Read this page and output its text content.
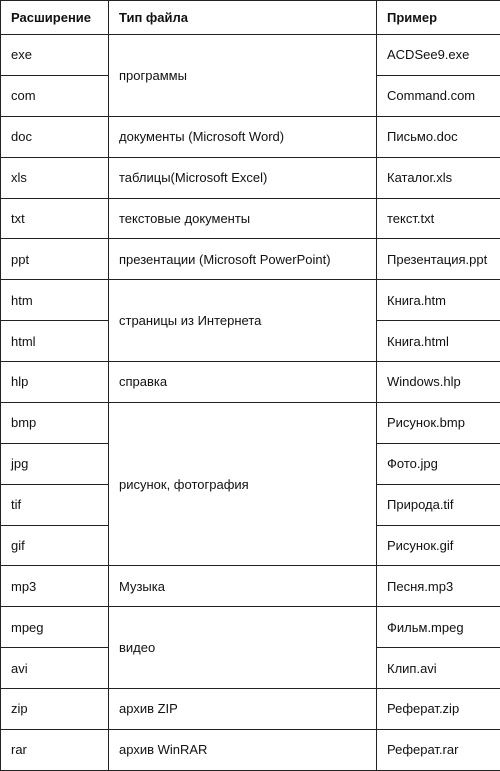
Расширение	Тип файла	Пример
exe	программы	ACDSee9.exe
com		Command.com
doc	документы (Microsoft Word)	Письмо.doc
xls	таблицы(Microsoft Excel)	Каталог.xls
txt	текстовые документы	текст.txt
ppt	презентации (Microsoft PowerPoint)	Презентация.ppt
htm	страницы из Интернета	Книга.htm
html		Книга.html
hlp	справка	Windows.hlp
bmp	рисунок, фотография	Рисунок.bmp
jpg		Фото.jpg
tif		Природа.tif
gif		Рисунок.gif
mp3	Музыка	Песня.mp3
mpeg	видео	Фильм.mpeg
avi		Клип.avi
zip	архив ZIP	Реферат.zip
rar	архив WinRAR	Реферат.rar
